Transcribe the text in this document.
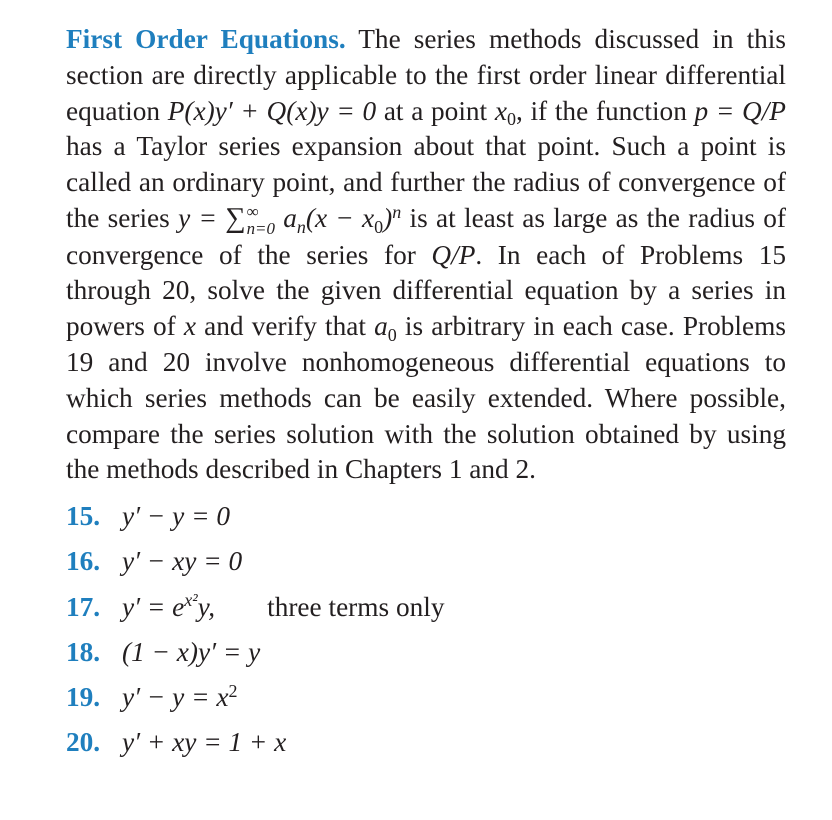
First Order Equations. The series methods discussed in this section are directly applicable to the first order linear differential equation P(x)y′ + Q(x)y = 0 at a point $x_0$, if the function p = Q/P has a Taylor series expansion about that point. Such a point is called an ordinary point, and further the radius of convergence of the series y = ∑ ∞
n=0 $a_n(x - x_0)^n$ is at least as large as the radius of convergence of the series for Q/P. In each of Problems 15 through 20, solve the given differential equation by a series in powers of x and verify that $a_0$ is arbitrary in each case. Problems 19 and 20 involve nonhomogeneous differential equations to which series methods can be easily extended. Where possible, compare the series solution with the solution obtained by using the methods described in Chapters 1 and 2.

15. y′ − y = 0
16. y′ − xy = 0
17. $y' = e^{x^2}y$, three terms only
18. (1 − x)y′ = y
19. $y' - y = x^2$
20. y′ + xy = 1 + x
